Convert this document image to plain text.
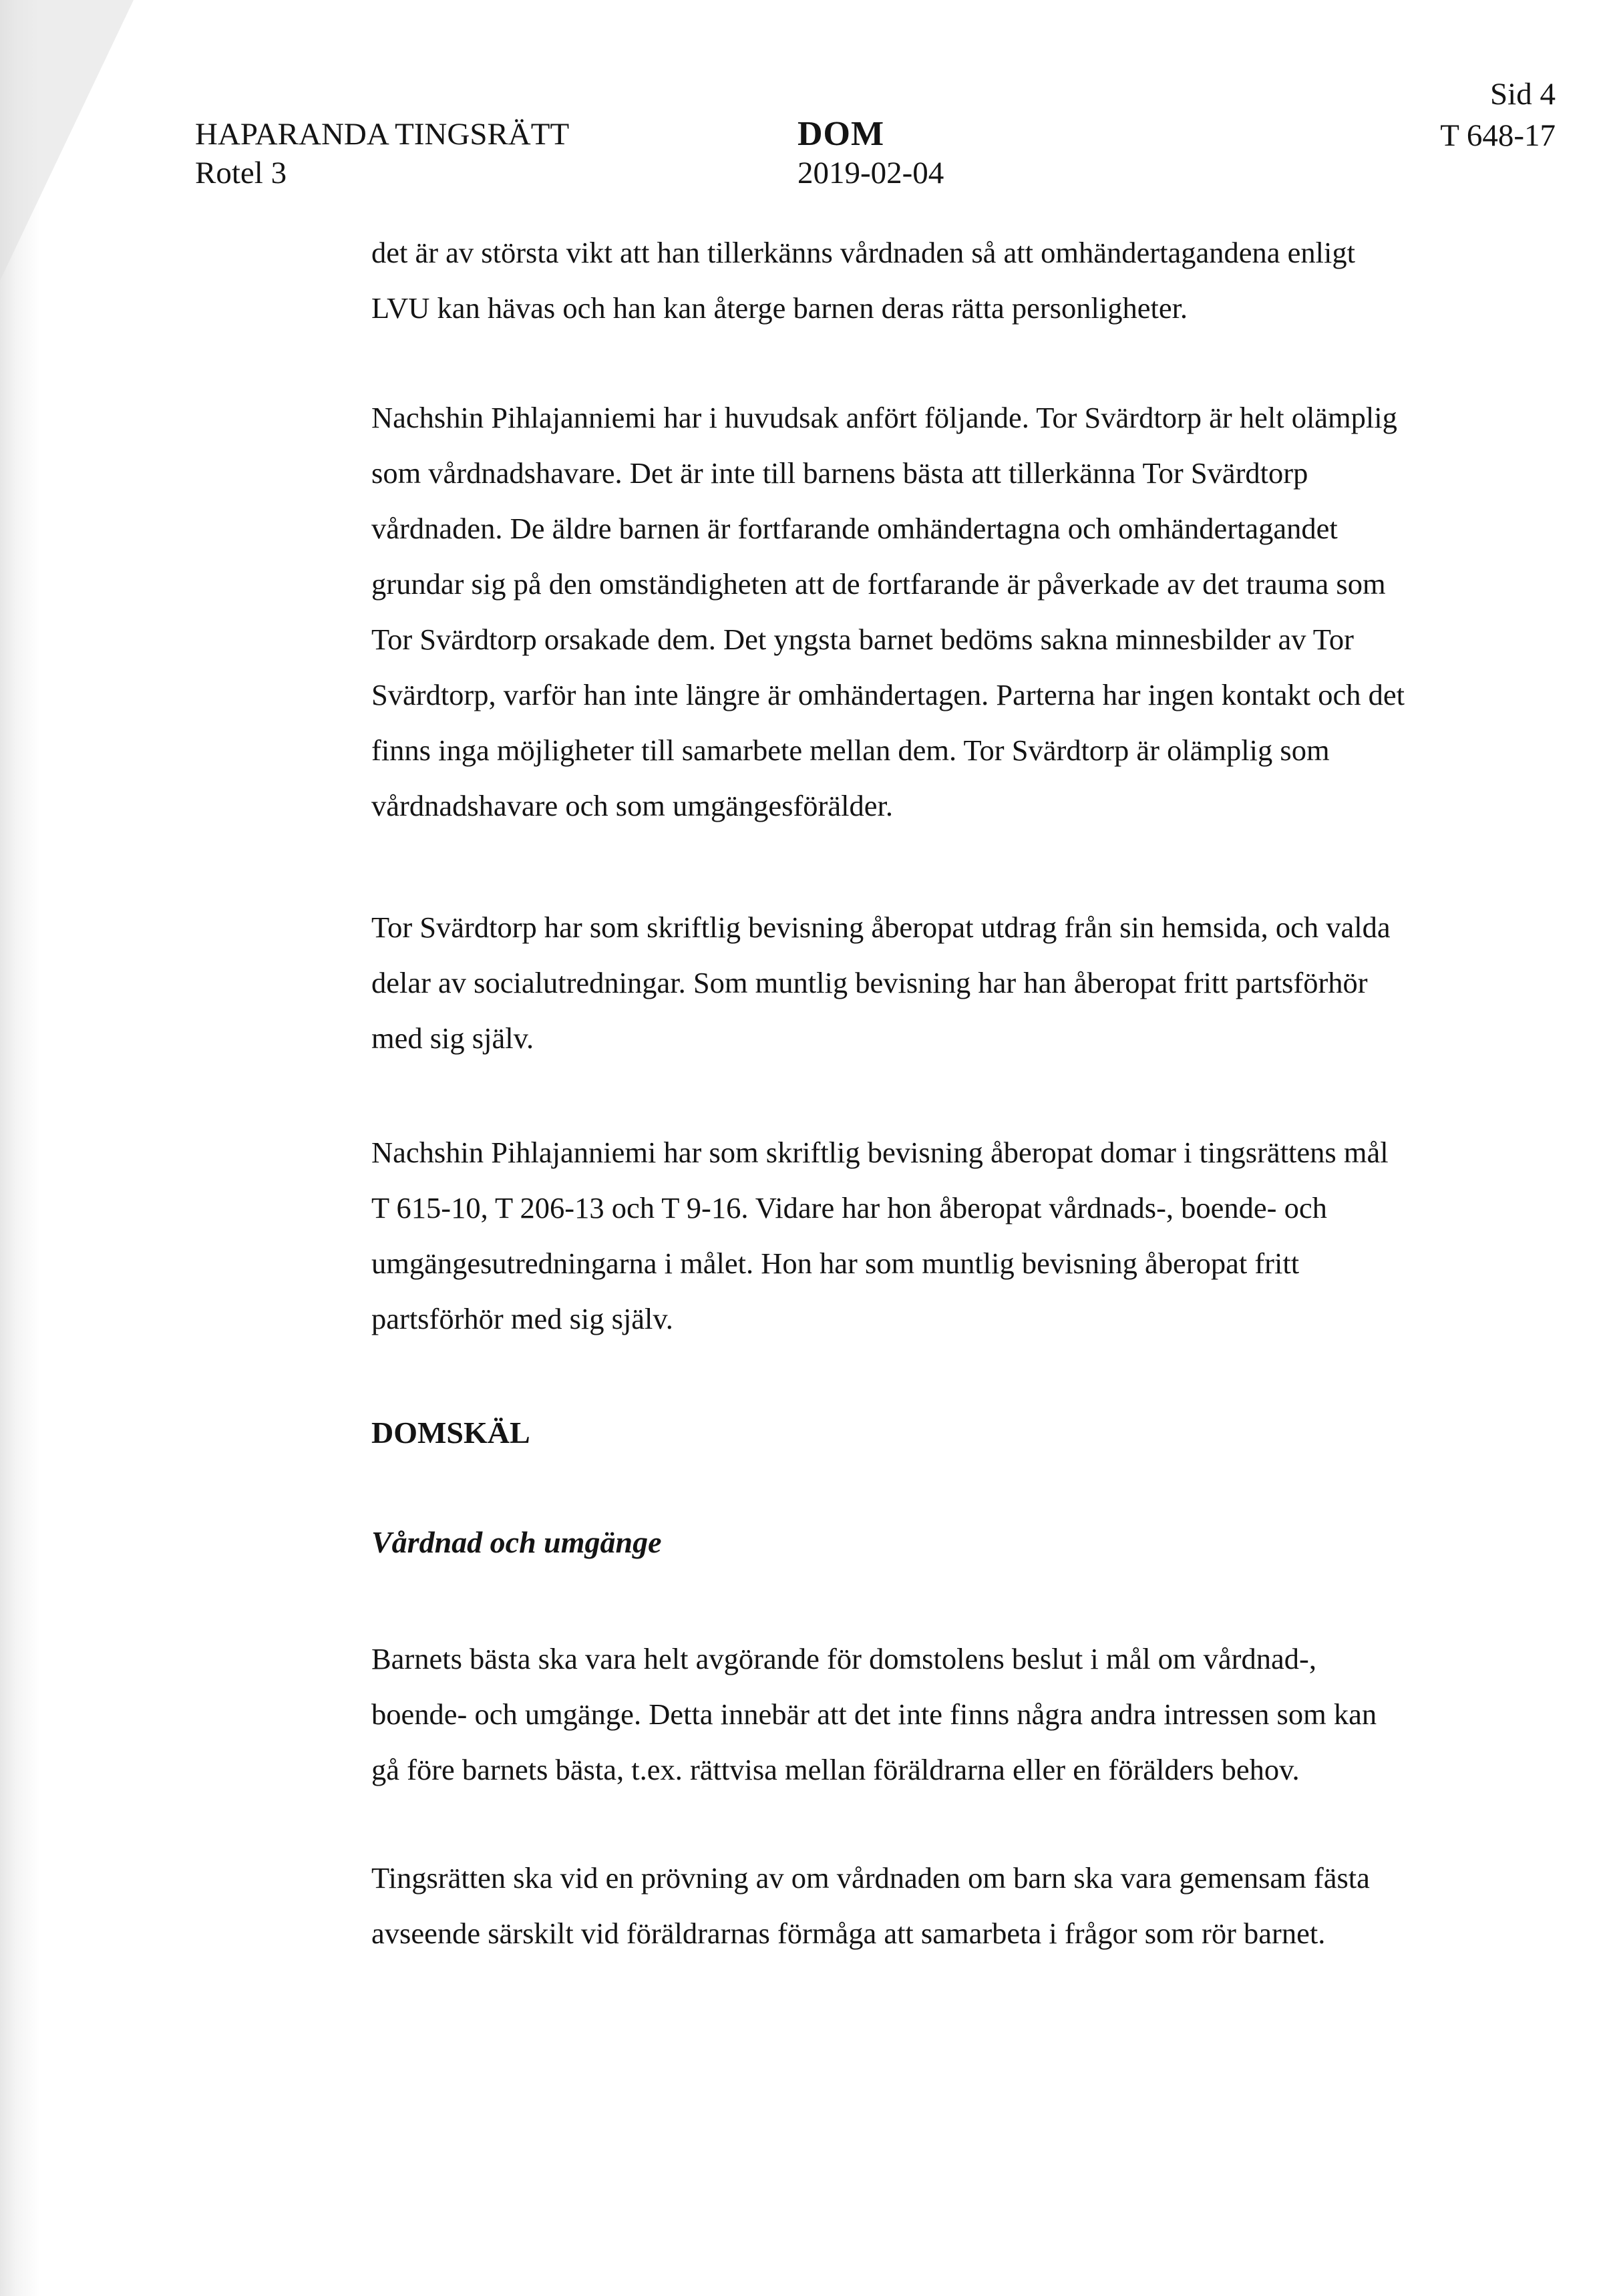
HAPARANDA TINGSRÄTT
Rotel 3
DOM
2019-02-04
Sid 4
T 648-17

det är av största vikt att han tillerkänns vårdnaden så att omhändertagandena enligt
LVU kan hävas och han kan återge barnen deras rätta personligheter.

Nachshin Pihlajanniemi har i huvudsak anfört följande. Tor Svärdtorp är helt olämplig
som vårdnadshavare. Det är inte till barnens bästa att tillerkänna Tor Svärdtorp
vårdnaden. De äldre barnen är fortfarande omhändertagna och omhändertagandet
grundar sig på den omständigheten att de fortfarande är påverkade av det trauma som
Tor Svärdtorp orsakade dem. Det yngsta barnet bedöms sakna minnesbilder av Tor
Svärdtorp, varför han inte längre är omhändertagen. Parterna har ingen kontakt och det
finns inga möjligheter till samarbete mellan dem. Tor Svärdtorp är olämplig som
vårdnadshavare och som umgängesförälder.

Tor Svärdtorp har som skriftlig bevisning åberopat utdrag från sin hemsida, och valda
delar av socialutredningar. Som muntlig bevisning har han åberopat fritt partsförhör
med sig själv.

Nachshin Pihlajanniemi har som skriftlig bevisning åberopat domar i tingsrättens mål
T 615-10, T 206-13 och T 9-16. Vidare har hon åberopat vårdnads-, boende- och
umgängesutredningarna i målet. Hon har som muntlig bevisning åberopat fritt
partsförhör med sig själv.

DOMSKÄL
Vårdnad och umgänge

Barnets bästa ska vara helt avgörande för domstolens beslut i mål om vårdnad-,
boende- och umgänge. Detta innebär att det inte finns några andra intressen som kan
gå före barnets bästa, t.ex. rättvisa mellan föräldrarna eller en förälders behov.

Tingsrätten ska vid en prövning av om vårdnaden om barn ska vara gemensam fästa
avseende särskilt vid föräldrarnas förmåga att samarbeta i frågor som rör barnet.
